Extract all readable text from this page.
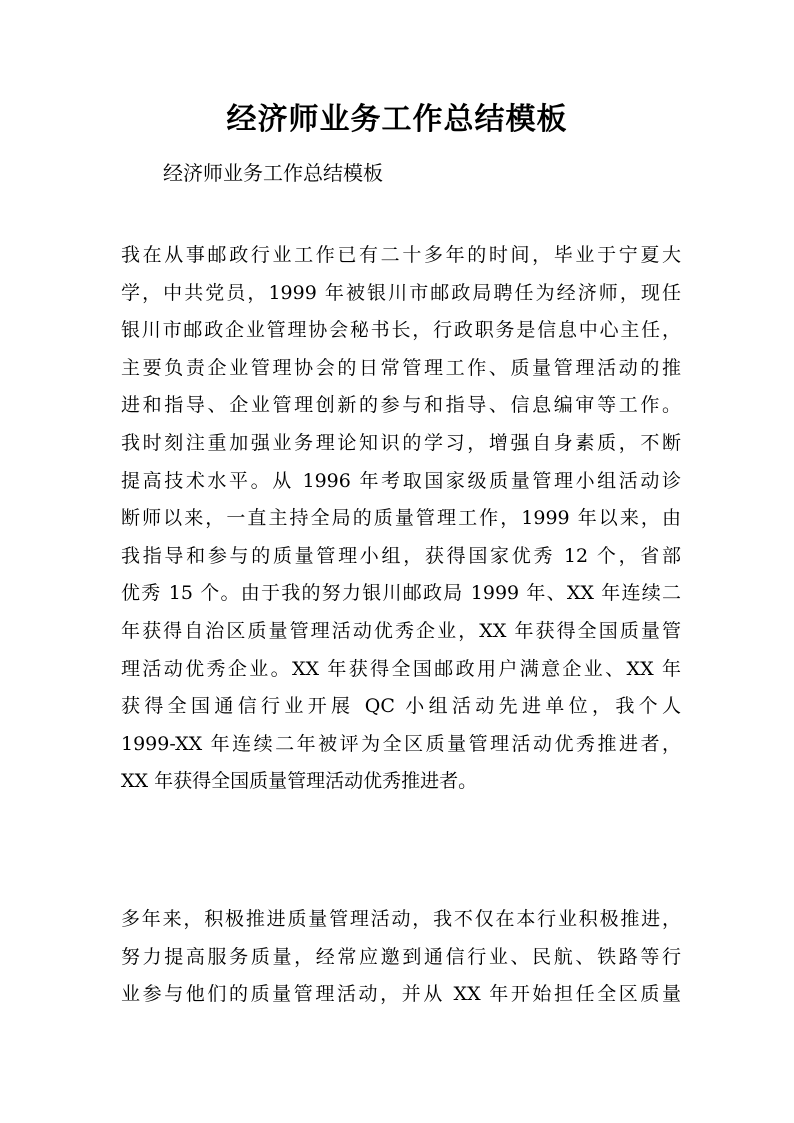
经济师业务工作总结模板
经济师业务工作总结模板
我在从事邮政行业工作已有二十多年的时间，毕业于宁夏大
学，中共党员，1999 年被银川市邮政局聘任为经济师，现任
银川市邮政企业管理协会秘书长，行政职务是信息中心主任，
主要负责企业管理协会的日常管理工作、质量管理活动的推
进和指导、企业管理创新的参与和指导、信息编审等工作。
我时刻注重加强业务理论知识的学习，增强自身素质，不断
提高技术水平。从 1996 年考取国家级质量管理小组活动诊
断师以来，一直主持全局的质量管理工作，1999 年以来，由
我指导和参与的质量管理小组，获得国家优秀 12 个，省部
优秀 15 个。由于我的努力银川邮政局 1999 年、XX 年连续二
年获得自治区质量管理活动优秀企业，XX 年获得全国质量管
理活动优秀企业。XX 年获得全国邮政用户满意企业、XX 年
获得全国通信行业开展 QC 小组活动先进单位，我个人
1999-XX 年连续二年被评为全区质量管理活动优秀推进者，
XX 年获得全国质量管理活动优秀推进者。
多年来，积极推进质量管理活动，我不仅在本行业积极推进，
努力提高服务质量，经常应邀到通信行业、民航、铁路等行
业参与他们的质量管理活动，并从 XX 年开始担任全区质量
